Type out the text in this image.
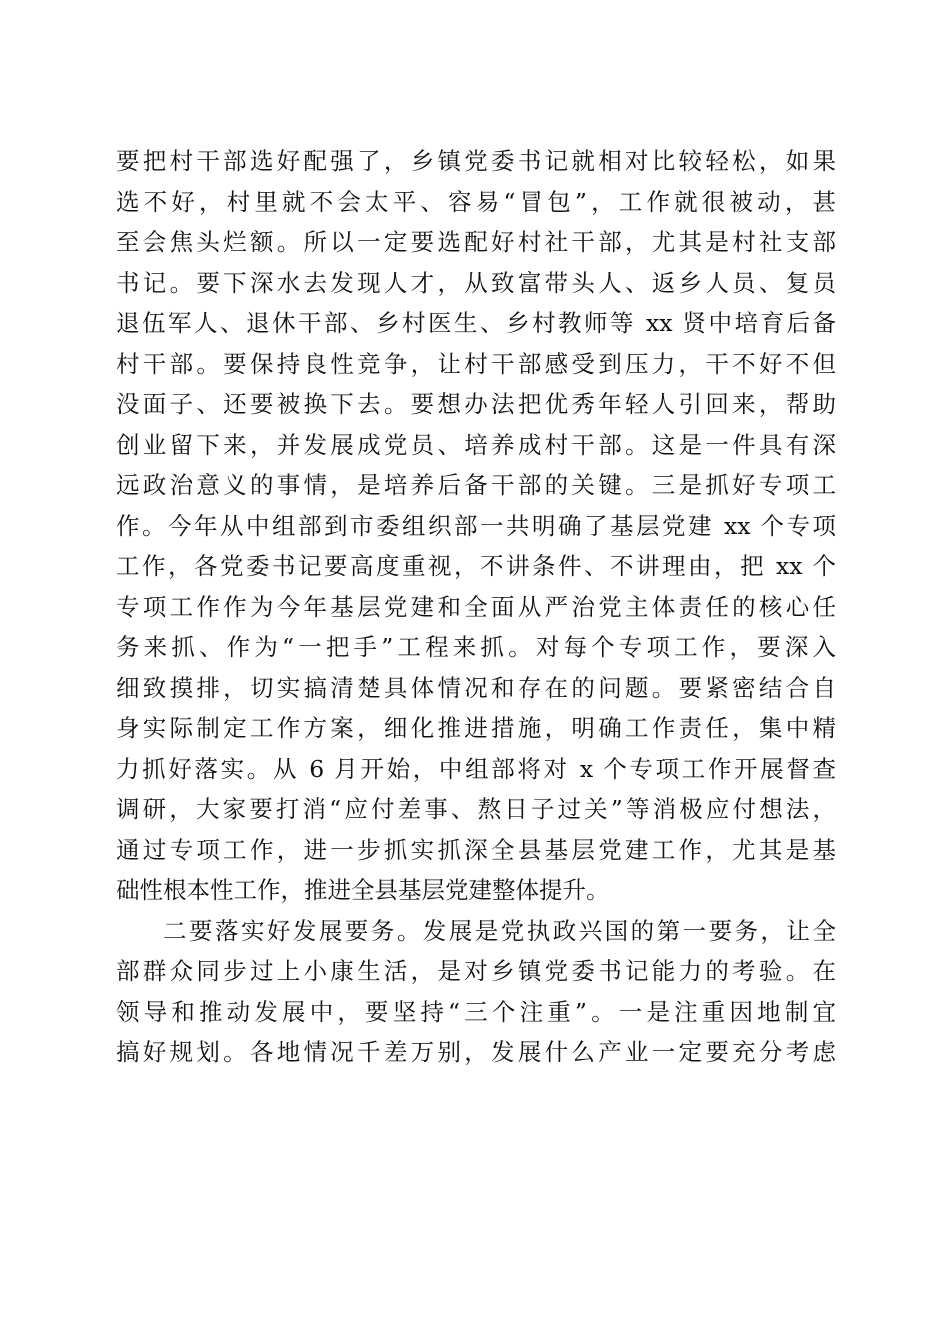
要把村干部选好配强了，乡镇党委书记就相对比较轻松，如果
选不好，村里就不会太平、容易“冒包”，工作就很被动，甚
至会焦头烂额。所以一定要选配好村社干部，尤其是村社支部
书记。要下深水去发现人才，从致富带头人、返乡人员、复员
退伍军人、退休干部、乡村医生、乡村教师等 xx 贤中培育后备
村干部。要保持良性竞争，让村干部感受到压力，干不好不但
没面子、还要被换下去。要想办法把优秀年轻人引回来，帮助
创业留下来，并发展成党员、培养成村干部。这是一件具有深
远政治意义的事情，是培养后备干部的关键。三是抓好专项工
作。今年从中组部到市委组织部一共明确了基层党建 xx 个专项
工作，各党委书记要高度重视，不讲条件、不讲理由，把 xx 个
专项工作作为今年基层党建和全面从严治党主体责任的核心任
务来抓、作为“一把手”工程来抓。对每个专项工作，要深入
细致摸排，切实搞清楚具体情况和存在的问题。要紧密结合自
身实际制定工作方案，细化推进措施，明确工作责任，集中精
力抓好落实。从 6 月开始，中组部将对 x 个专项工作开展督查
调研，大家要打消“应付差事、熬日子过关”等消极应付想法，
通过专项工作，进一步抓实抓深全县基层党建工作，尤其是基
础性根本性工作，推进全县基层党建整体提升。
二要落实好发展要务。发展是党执政兴国的第一要务，让全
部群众同步过上小康生活，是对乡镇党委书记能力的考验。在
领导和推动发展中，要坚持“三个注重”。一是注重因地制宜
搞好规划。各地情况千差万别，发展什么产业一定要充分考虑
